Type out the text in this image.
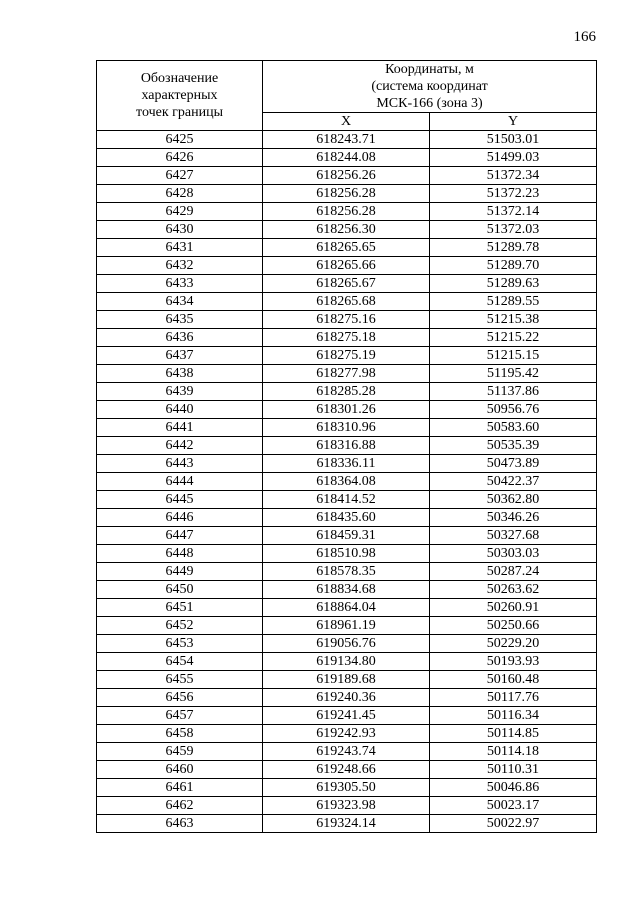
166
Обозначение
характерных
точек границы	Координаты, м
(система координат
МСК-166 (зона 3)	

	X	Y
6425	618243.71	51503.01
6426	618244.08	51499.03
6427	618256.26	51372.34
6428	618256.28	51372.23
6429	618256.28	51372.14
6430	618256.30	51372.03
6431	618265.65	51289.78
6432	618265.66	51289.70
6433	618265.67	51289.63
6434	618265.68	51289.55
6435	618275.16	51215.38
6436	618275.18	51215.22
6437	618275.19	51215.15
6438	618277.98	51195.42
6439	618285.28	51137.86
6440	618301.26	50956.76
6441	618310.96	50583.60
6442	618316.88	50535.39
6443	618336.11	50473.89
6444	618364.08	50422.37
6445	618414.52	50362.80
6446	618435.60	50346.26
6447	618459.31	50327.68
6448	618510.98	50303.03
6449	618578.35	50287.24
6450	618834.68	50263.62
6451	618864.04	50260.91
6452	618961.19	50250.66
6453	619056.76	50229.20
6454	619134.80	50193.93
6455	619189.68	50160.48
6456	619240.36	50117.76
6457	619241.45	50116.34
6458	619242.93	50114.85
6459	619243.74	50114.18
6460	619248.66	50110.31
6461	619305.50	50046.86
6462	619323.98	50023.17
6463	619324.14	50022.97
